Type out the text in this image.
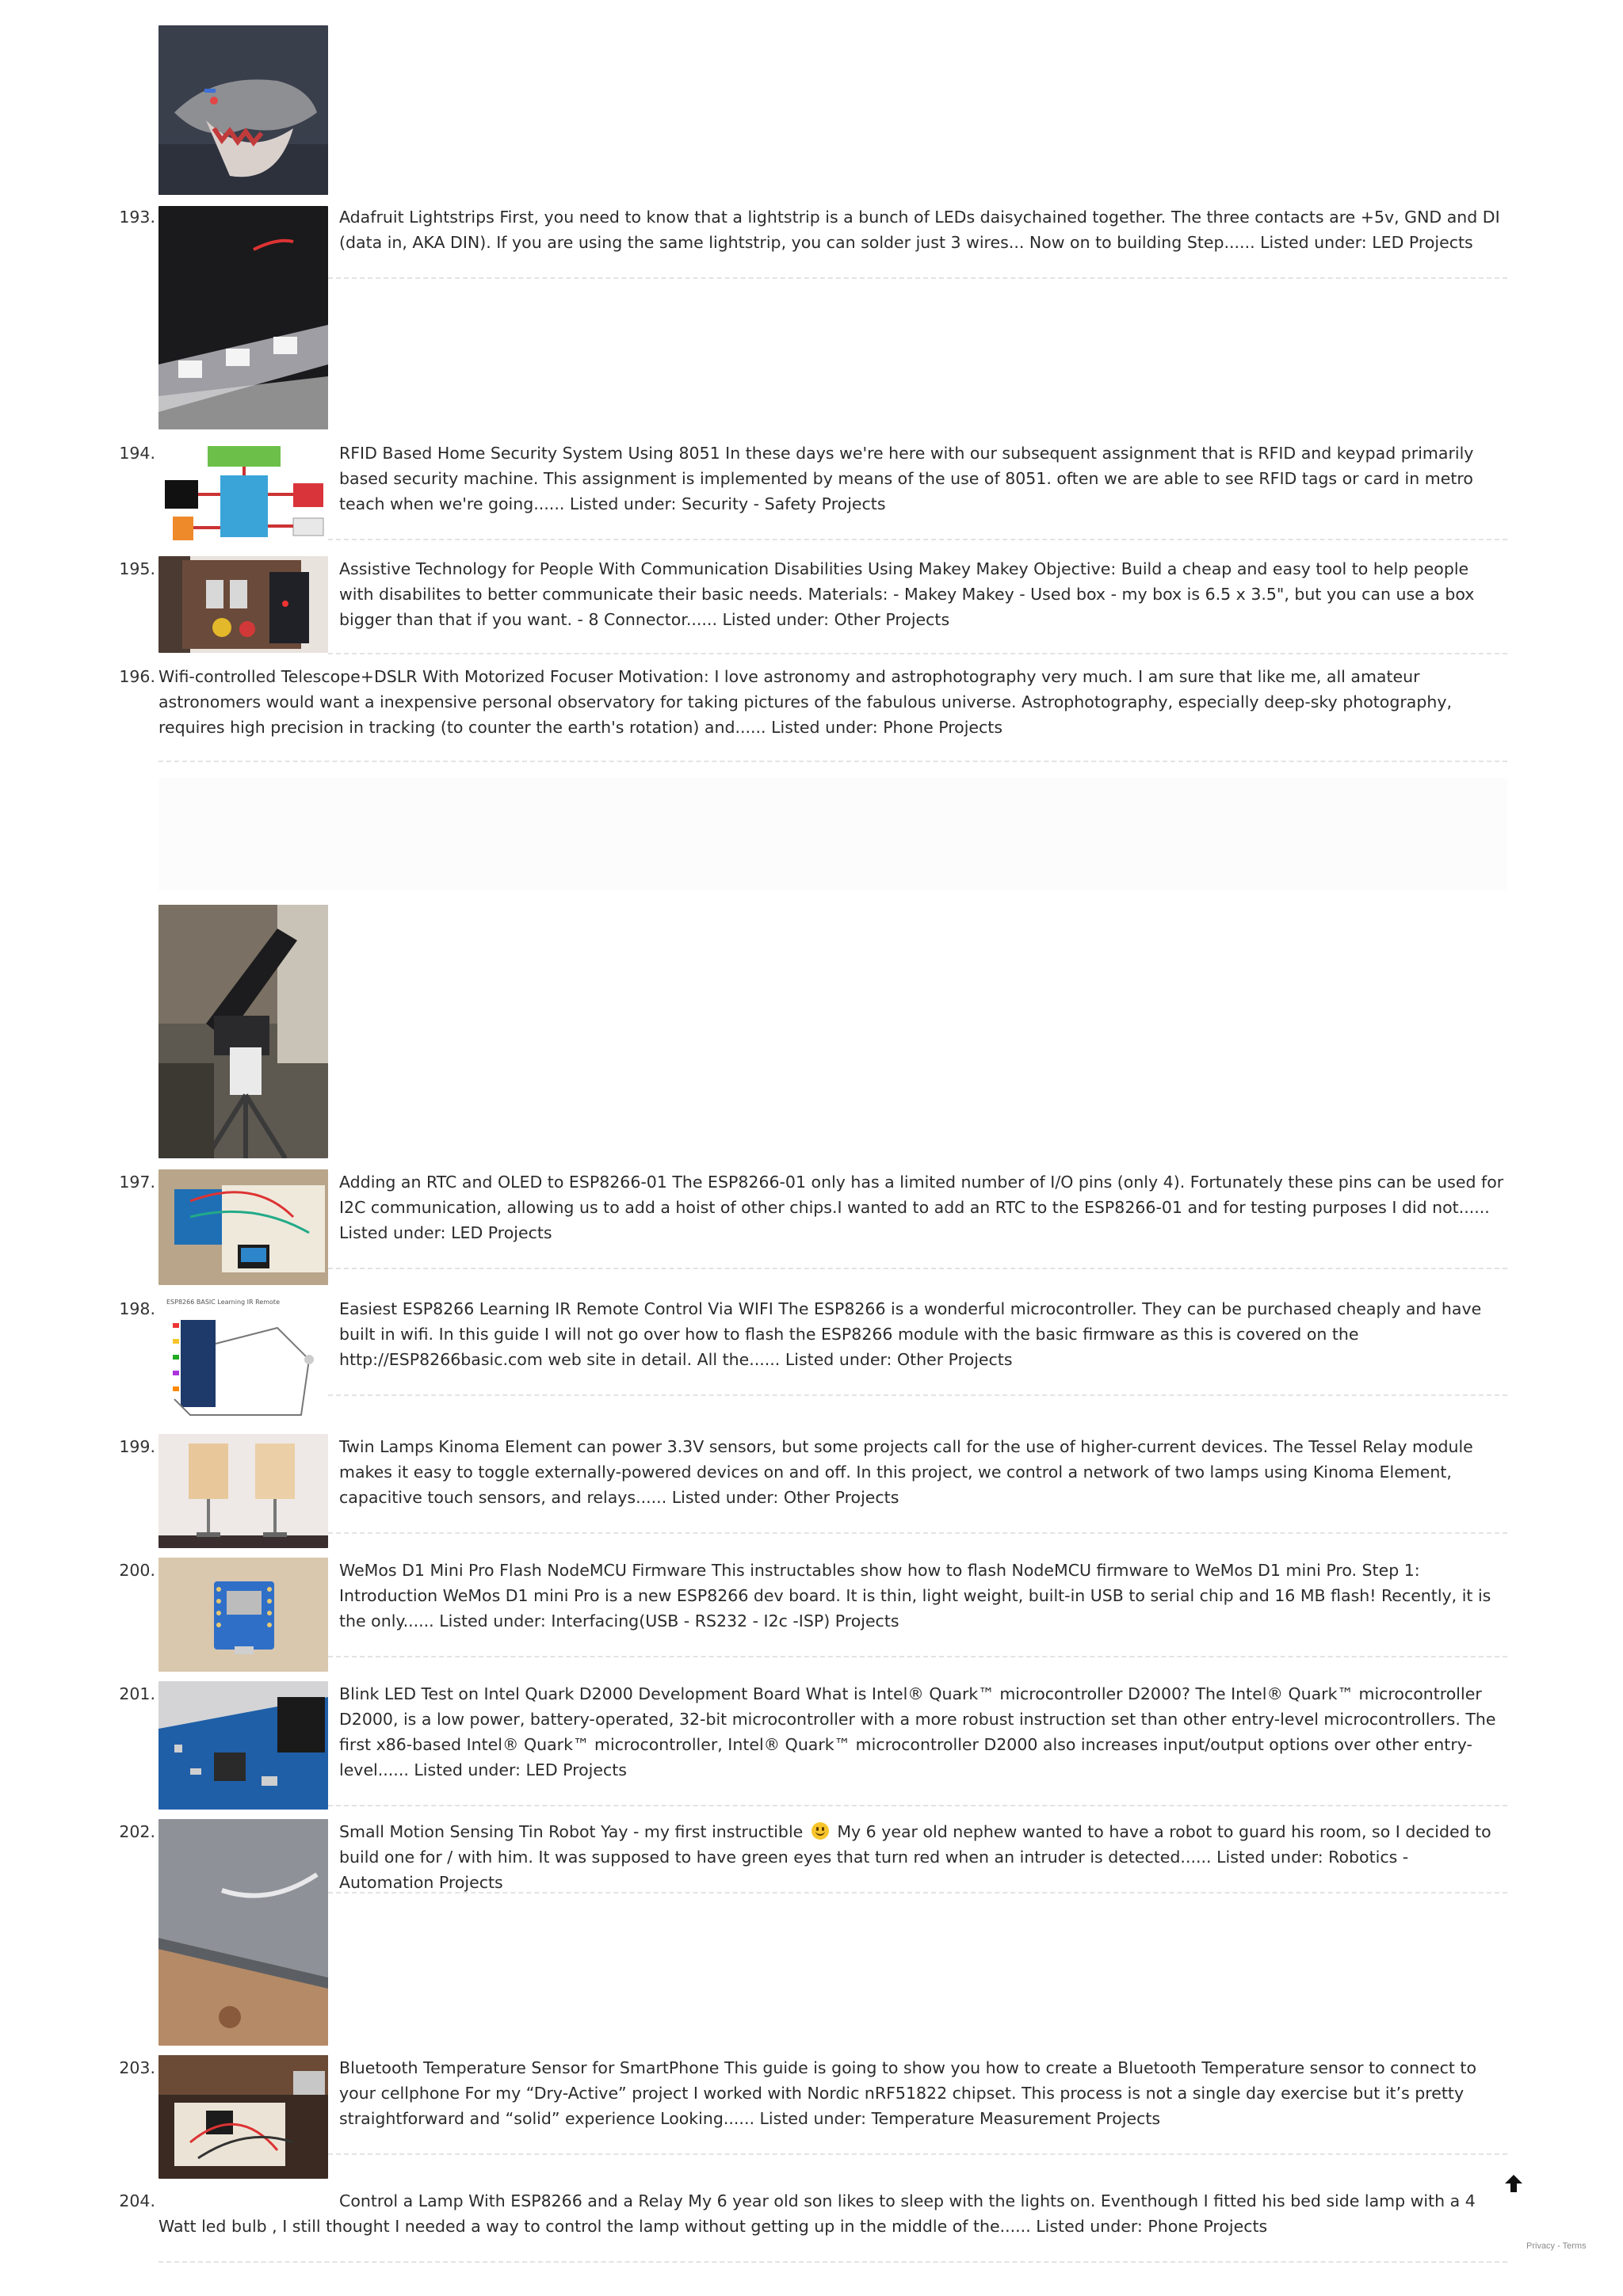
193.	Adafruit Lightstrips First, you need to know that a lightstrip is a bunch of LEDs daisychained together. The three contacts are +5v, GND and DI (data in, AKA DIN). If you are using the same lightstrip, you can solder just 3 wires... Now on to building Step...... Listed under: LED Projects

194.	RFID Based Home Security System Using 8051 In these days we're here with our subsequent assignment that is RFID and keypad primarily based security machine. This assignment is implemented by means of the use of 8051. often we are able to see RFID tags or card in metro teach when we're going...... Listed under: Security - Safety Projects

195.	Assistive Technology for People With Communication Disabilities Using Makey Makey Objective: Build a cheap and easy tool to help people with disabilites to better communicate their basic needs. Materials: - Makey Makey - Used box - my box is 6.5 x 3.5", but you can use a box bigger than that if you want. - 8 Connector...... Listed under: Other Projects

196. Wifi-controlled Telescope+DSLR With Motorized Focuser Motivation: I love astronomy and astrophotography very much. I am sure that like me, all amateur astronomers would want a inexpensive personal observatory for taking pictures of the fabulous universe. Astrophotography, especially deep-sky photography, requires high precision in tracking (to counter the earth's rotation) and...... Listed under: Phone Projects

197.	Adding an RTC and OLED to ESP8266-01 The ESP8266-01 only has a limited number of I/O pins (only 4). Fortunately these pins can be used for I2C communication, allowing us to add a hoist of other chips.I wanted to add an RTC to the ESP8266-01 and for testing purposes I did not...... Listed under: LED Projects

198. ESP8266 BASIC Learning IR Remote	Easiest ESP8266 Learning IR Remote Control Via WIFI The ESP8266 is a wonderful microcontroller. They can be purchased cheaply and have built in wifi. In this guide I will not go over how to flash the ESP8266 module with the basic firmware as this is covered on the http://ESP8266basic.com web site in detail. All the...... Listed under: Other Projects

199.	Twin Lamps Kinoma Element can power 3.3V sensors, but some projects call for the use of higher-current devices. The Tessel Relay module makes it easy to toggle externally-powered devices on and off. In this project, we control a network of two lamps using Kinoma Element, capacitive touch sensors, and relays...... Listed under: Other Projects

200.	WeMos D1 Mini Pro Flash NodeMCU Firmware This instructables show how to flash NodeMCU firmware to WeMos D1 mini Pro. Step 1: Introduction WeMos D1 mini Pro is a new ESP8266 dev board. It is thin, light weight, built-in USB to serial chip and 16 MB flash! Recently, it is the only...... Listed under: Interfacing(USB - RS232 - I2c -ISP) Projects

201.	Blink LED Test on Intel Quark D2000 Development Board What is Intel® Quark™ microcontroller D2000? The Intel® Quark™ microcontroller D2000, is a low power, battery-operated, 32-bit microcontroller with a more robust instruction set than other entry-level microcontrollers. The first x86-based Intel® Quark™ microcontroller, Intel® Quark™ microcontroller D2000 also increases input/output options over other entry-level...... Listed under: LED Projects

202.	Small Motion Sensing Tin Robot Yay - my first instructible My 6 year old nephew wanted to have a robot to guard his room, so I decided to build one for / with him. It was supposed to have green eyes that turn red when an intruder is detected...... Listed under: Robotics - Automation Projects

203.	Bluetooth Temperature Sensor for SmartPhone This guide is going to show you how to create a Bluetooth Temperature sensor to connect to your cellphone For my “Dry-Active” project I worked with Nordic nRF51822 chipset. This process is not a single day exercise but it’s pretty straightforward and “solid” experience Looking...... Listed under: Temperature Measurement Projects

204.	Control a Lamp With ESP8266 and a Relay My 6 year old son likes to sleep with the lights on. Eventhough I fitted his bed side lamp with a 4 Watt led bulb , I still thought I needed a way to control the lamp without getting up in the middle of the...... Listed under: Phone Projects

Privacy - Terms
